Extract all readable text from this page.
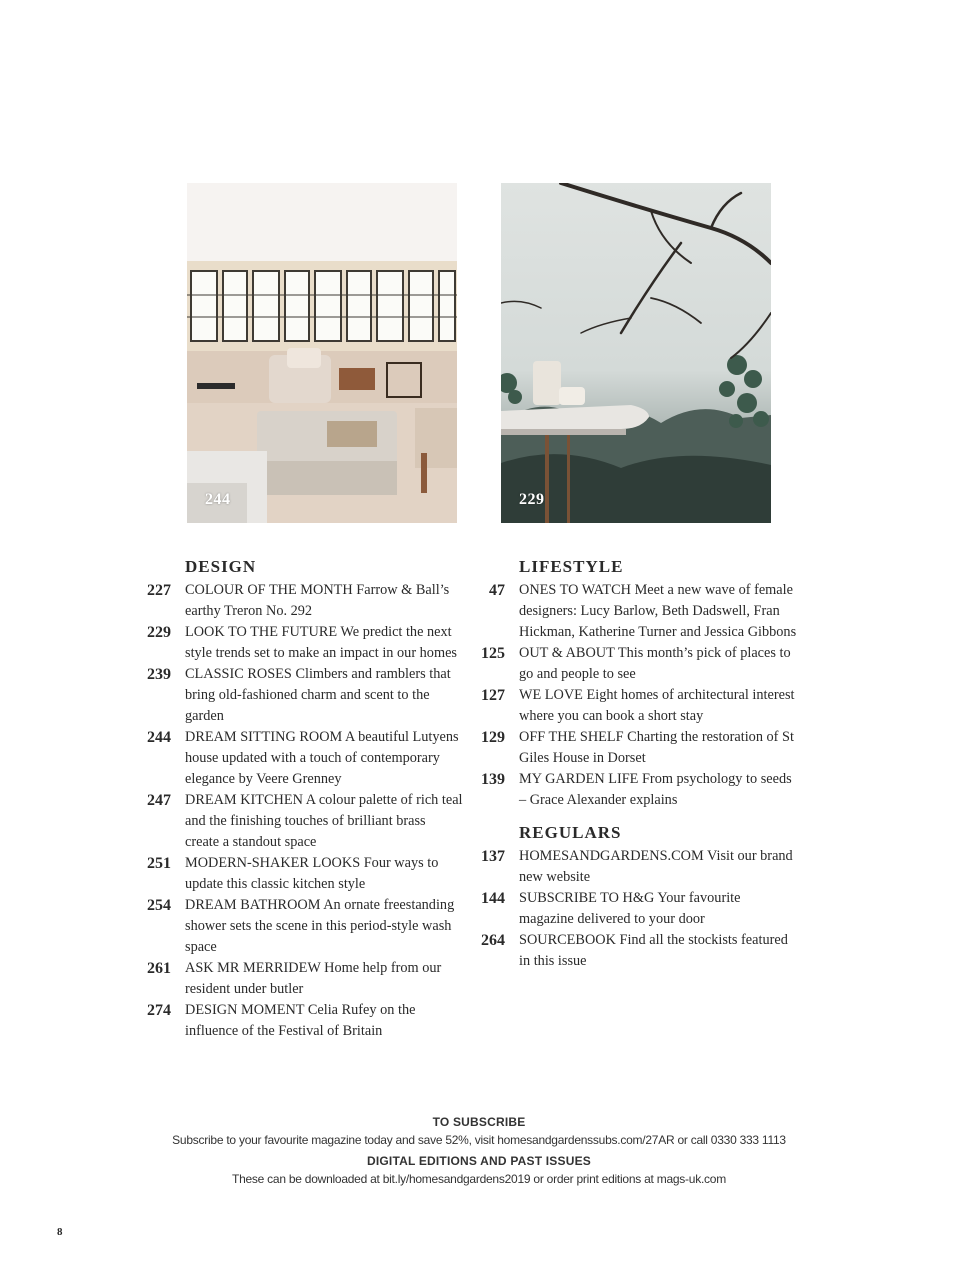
244	229
DESIGN
227 COLOUR OF THE MONTH Farrow & Ball’s earthy Treron No. 292
229 LOOK TO THE FUTURE We predict the next style trends set to make an impact in our homes
239 CLASSIC ROSES Climbers and ramblers that bring old-fashioned charm and scent to the garden
244 DREAM SITTING ROOM A beautiful Lutyens house updated with a touch of contemporary elegance by Veere Grenney
247 DREAM KITCHEN A colour palette of rich teal and the finishing touches of brilliant brass create a standout space
251 MODERN-SHAKER LOOKS Four ways to update this classic kitchen style
254 DREAM BATHROOM An ornate freestanding shower sets the scene in this period-style wash space
261 ASK MR MERRIDEW Home help from our resident under butler
274 DESIGN MOMENT Celia Rufey on the influence of the Festival of Britain
LIFESTYLE
47 ONES TO WATCH Meet a new wave of female designers: Lucy Barlow, Beth Dadswell, Fran Hickman, Katherine Turner and Jessica Gibbons
125 OUT & ABOUT This month’s pick of places to go and people to see
127 WE LOVE Eight homes of architectural interest where you can book a short stay
129 OFF THE SHELF Charting the restoration of St Giles House in Dorset
139 MY GARDEN LIFE From psychology to seeds – Grace Alexander explains
REGULARS
137 HOMESANDGARDENS.COM Visit our brand new website
144 SUBSCRIBE TO H&G Your favourite magazine delivered to your door
264 SOURCEBOOK Find all the stockists featured in this issue
TO SUBSCRIBE
Subscribe to your favourite magazine today and save 52%, visit homesandgardenssubs.com/27AR or call 0330 333 1113
DIGITAL EDITIONS AND PAST ISSUES
These can be downloaded at bit.ly/homesandgardens2019 or order print editions at mags-uk.com
8
